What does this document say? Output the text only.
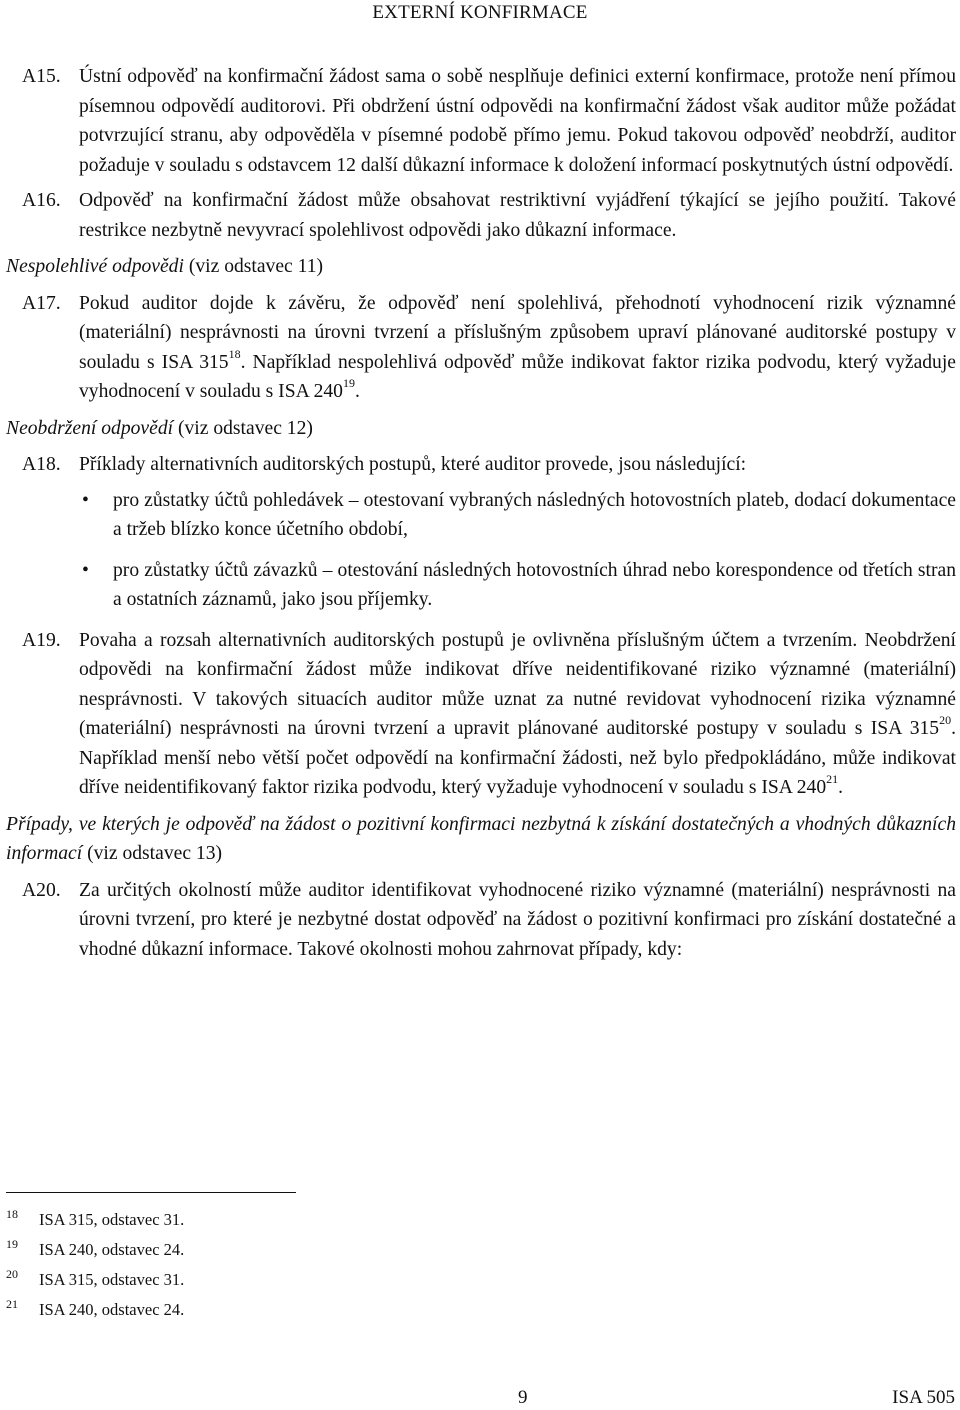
EXTERNÍ KONFIRMACE
A15. Ústní odpověď na konfirmační žádost sama o sobě nesplňuje definici externí konfirmace, protože není přímou písemnou odpovědí auditorovi. Při obdržení ústní odpovědi na konfirmační žádost však auditor může požádat potvrzující stranu, aby odpověděla v písemné podobě přímo jemu. Pokud takovou odpověď neobdrží, auditor požaduje v souladu s odstavcem 12 další důkazní informace k doložení informací poskytnutých ústní odpovědí.
A16. Odpověď na konfirmační žádost může obsahovat restriktivní vyjádření týkající se jejího použití. Takové restrikce nezbytně nevyvrací spolehlivost odpovědi jako důkazní informace.
Nespolehlivé odpovědi (viz odstavec 11)
A17. Pokud auditor dojde k závěru, že odpověď není spolehlivá, přehodnotí vyhodnocení rizik významné (materiální) nesprávnosti na úrovni tvrzení a příslušným způsobem upraví plánované auditorské postupy v souladu s ISA $315^{18}$. Například nespolehlivá odpověď může indikovat faktor rizika podvodu, který vyžaduje vyhodnocení v souladu s ISA $240^{19}$.
Neobdržení odpovědí (viz odstavec 12)
A18. Příklady alternativních auditorských postupů, které auditor provede, jsou následující:
• pro zůstatky účtů pohledávek – otestovaní vybraných následných hotovostních plateb, dodací dokumentace a tržeb blízko konce účetního období,
• pro zůstatky účtů závazků – otestování následných hotovostních úhrad nebo korespondence od třetích stran a ostatních záznamů, jako jsou příjemky.
A19. Povaha a rozsah alternativních auditorských postupů je ovlivněna příslušným účtem a tvrzením. Neobdržení odpovědi na konfirmační žádost může indikovat dříve neidentifikované riziko významné (materiální) nesprávnosti. V takových situacích auditor může uznat za nutné revidovat vyhodnocení rizika významné (materiální) nesprávnosti na úrovni tvrzení a upravit plánované auditorské postupy v souladu s ISA $315^{20}$. Například menší nebo větší počet odpovědí na konfirmační žádosti, než bylo předpokládáno, může indikovat dříve neidentifikovaný faktor rizika podvodu, který vyžaduje vyhodnocení v souladu s ISA $240^{21}$.
Případy, ve kterých je odpověď na žádost o pozitivní konfirmaci nezbytná k získání dostatečných a vhodných důkazních informací (viz odstavec 13)
A20. Za určitých okolností může auditor identifikovat vyhodnocené riziko významné (materiální) nesprávnosti na úrovni tvrzení, pro které je nezbytné dostat odpověď na žádost o pozitivní konfirmaci pro získání dostatečné a vhodné důkazní informace. Takové okolnosti mohou zahrnovat případy, kdy:
18 ISA 315, odstavec 31.
19 ISA 240, odstavec 24.
20 ISA 315, odstavec 31.
21 ISA 240, odstavec 24.
9	ISA 505
